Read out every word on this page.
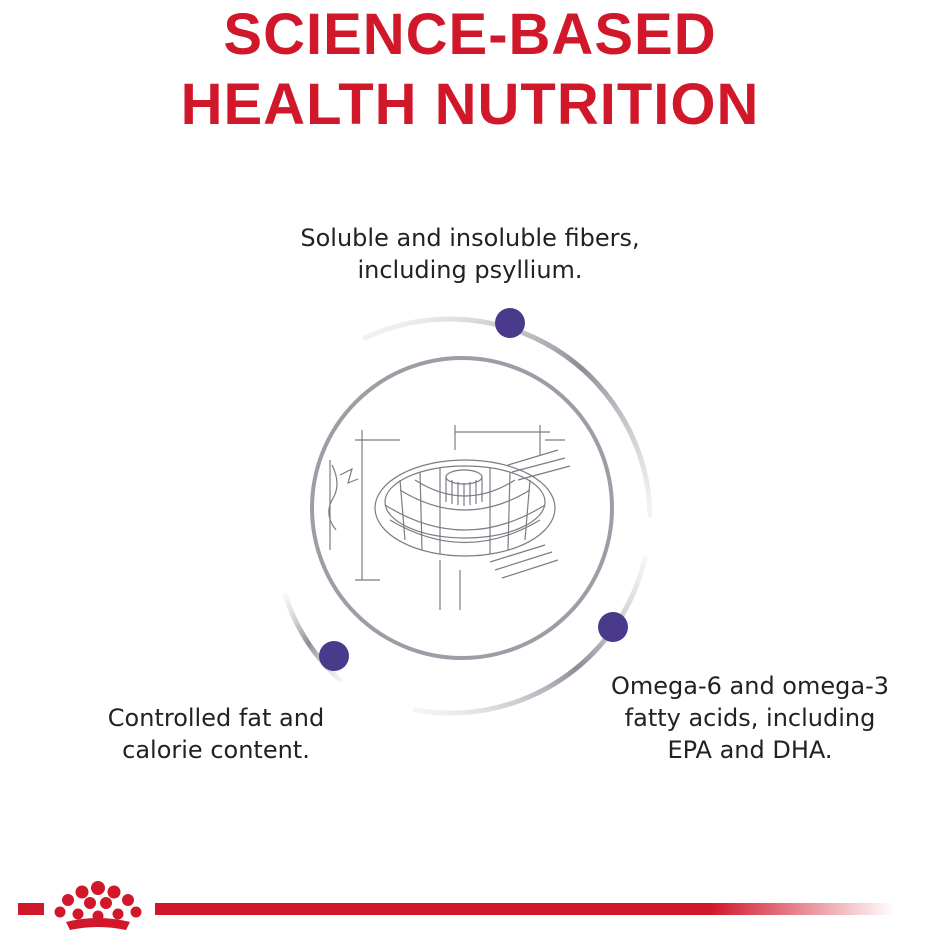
SCIENCE-BASED
HEALTH NUTRITION

Soluble and insoluble fibers,
including psyllium.

Controlled fat and
calorie content.

Omega-6 and omega-3
fatty acids, including
EPA and DHA.
